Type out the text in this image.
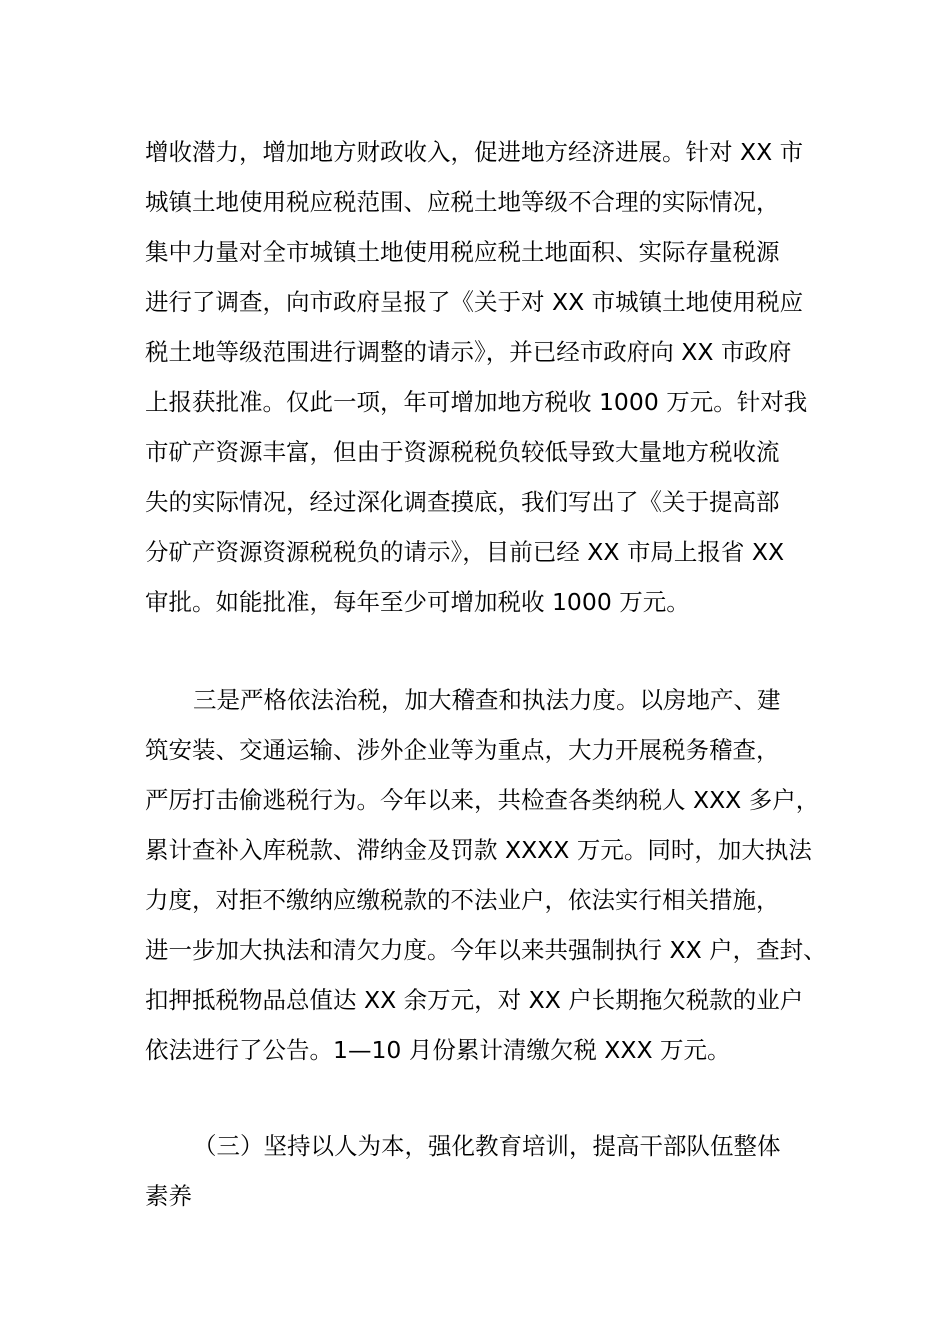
增收潜力，增加地方财政收入，促进地方经济进展。针对 XX 市
城镇土地使用税应税范围、应税土地等级不合理的实际情况，
集中力量对全市城镇土地使用税应税土地面积、实际存量税源
进行了调查，向市政府呈报了《关于对 XX 市城镇土地使用税应
税土地等级范围进行调整的请示》，并已经市政府向 XX 市政府
上报获批准。仅此一项，年可增加地方税收 1000 万元。针对我
市矿产资源丰富，但由于资源税税负较低导致大量地方税收流
失的实际情况，经过深化调查摸底，我们写出了《关于提高部
分矿产资源资源税税负的请示》，目前已经 XX 市局上报省 XX
审批。如能批准，每年至少可增加税收 1000 万元。
三是严格依法治税，加大稽查和执法力度。以房地产、建
筑安装、交通运输、涉外企业等为重点，大力开展税务稽查，
严厉打击偷逃税行为。今年以来，共检查各类纳税人 XXX 多户，
累计查补入库税款、滞纳金及罚款 XXXX 万元。同时，加大执法
力度，对拒不缴纳应缴税款的不法业户，依法实行相关措施，
进一步加大执法和清欠力度。今年以来共强制执行 XX 户，查封、
扣押抵税物品总值达 XX 余万元，对 XX 户长期拖欠税款的业户
依法进行了公告。1—10 月份累计清缴欠税 XXX 万元。
（三）坚持以人为本，强化教育培训，提高干部队伍整体
素养
